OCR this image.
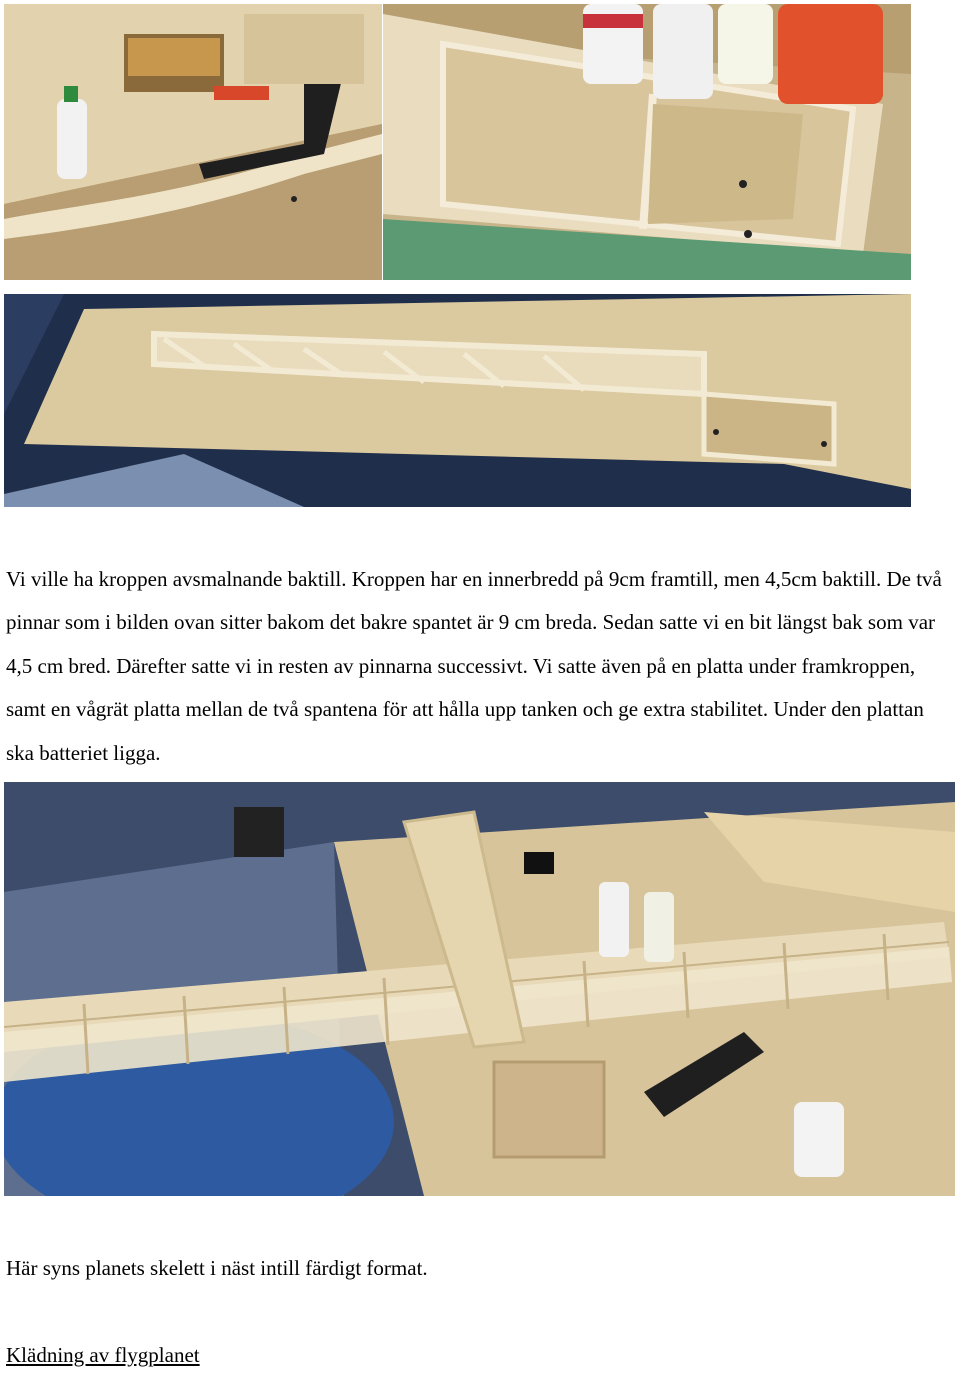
Vi ville ha kroppen avsmalnande baktill. Kroppen har en innerbredd på 9cm framtill, men 4,5cm baktill. De två pinnar som i bilden ovan sitter bakom det bakre spantet är 9 cm breda. Sedan satte vi en bit längst bak som var 4,5 cm bred. Därefter satte vi in resten av pinnarna successivt. Vi satte även på en platta under framkroppen, samt en vågrät platta mellan de två spantena för att hålla upp tanken och ge extra stabilitet. Under den plattan ska batteriet ligga.

Här syns planets skelett i näst intill färdigt format.

Klädning av flygplanet
